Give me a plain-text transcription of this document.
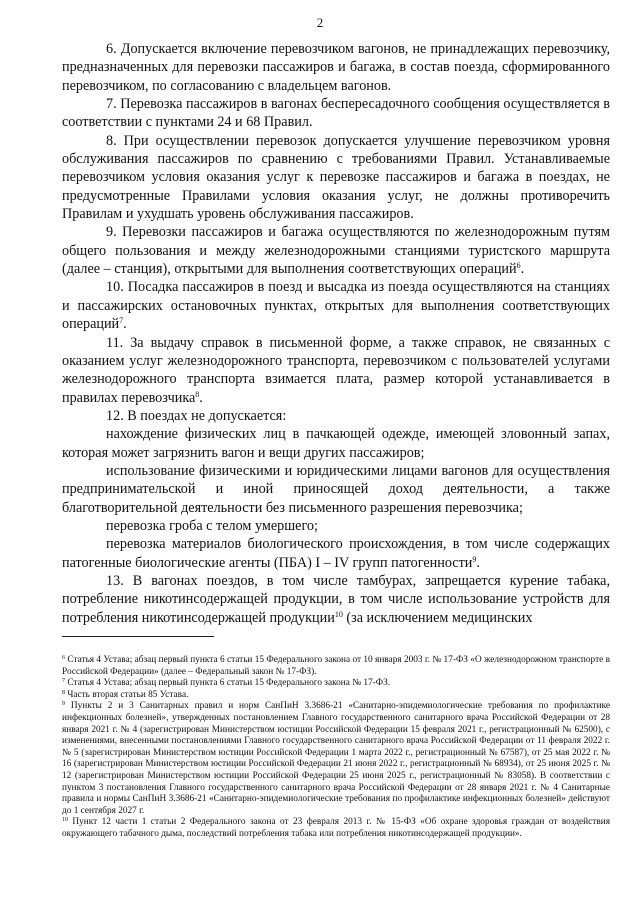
2

6. Допускается включение перевозчиком вагонов, не принадлежащих перевозчику, предназначенных для перевозки пассажиров и багажа, в состав поезда, сформированного перевозчиком, по согласованию с владельцем вагонов.

7. Перевозка пассажиров в вагонах беспересадочного сообщения осуществляется в соответствии с пунктами 24 и 68 Правил.

8. При осуществлении перевозок допускается улучшение перевозчиком уровня обслуживания пассажиров по сравнению с требованиями Правил. Устанавливаемые перевозчиком условия оказания услуг к перевозке пассажиров и багажа в поездах, не предусмотренные Правилами условия оказания услуг, не должны противоречить Правилам и ухудшать уровень обслуживания пассажиров.

9. Перевозки пассажиров и багажа осуществляются по железнодорожным путям общего пользования и между железнодорожными станциями туристского маршрута (далее – станция), открытыми для выполнения соответствующих операций$^6$.

10. Посадка пассажиров в поезд и высадка из поезда осуществляются на станциях и пассажирских остановочных пунктах, открытых для выполнения соответствующих операций$^7$.

11. За выдачу справок в письменной форме, а также справок, не связанных с оказанием услуг железнодорожного транспорта, перевозчиком с пользователей услугами железнодорожного транспорта взимается плата, размер которой устанавливается в правилах перевозчика$^8$.

12. В поездах не допускается:

нахождение физических лиц в пачкающей одежде, имеющей зловонный запах, которая может загрязнить вагон и вещи других пассажиров;

использование физическими и юридическими лицами вагонов для осуществления предпринимательской и иной приносящей доход деятельности, а также благотворительной деятельности без письменного разрешения перевозчика;

перевозка гроба с телом умершего;

перевозка материалов биологического происхождения, в том числе содержащих патогенные биологические агенты (ПБА) I – IV групп патогенности$^9$.

13. В вагонах поездов, в том числе тамбурах, запрещается курение табака, потребление никотинсодержащей продукции, в том числе использование устройств для потребления никотинсодержащей продукции$^{10}$ (за исключением медицинских

$^6$ Статья 4 Устава; абзац первый пункта 6 статьи 15 Федерального закона от 10 января 2003 г. № 17-ФЗ «О железнодорожном транспорте в Российской Федерации» (далее – Федеральный закон № 17-ФЗ).

$^7$ Статья 4 Устава; абзац первый пункта 6 статьи 15 Федерального закона № 17-ФЗ.

$^8$ Часть вторая статьи 85 Устава.

$^9$ Пункты 2 и 3 Санитарных правил и норм СанПиН 3.3686-21 «Санитарно-эпидемиологические требования по профилактике инфекционных болезней», утвержденных постановлением Главного государственного санитарного врача Российской Федерации от 28 января 2021 г. № 4 (зарегистрирован Министерством юстиции Российской Федерации 15 февраля 2021 г., регистрационный № 62500), с изменениями, внесенными постановлениями Главного государственного санитарного врача Российской Федерации от 11 февраля 2022 г. № 5 (зарегистрирован Министерством юстиции Российской Федерации 1 марта 2022 г., регистрационный № 67587), от 25 мая 2022 г. № 16 (зарегистрирован Министерством юстиции Российской Федерации 21 июня 2022 г., регистрационный № 68934), от 25 июня 2025 г. № 12 (зарегистрирован Министерством юстиции Российской Федерации 25 июня 2025 г., регистрационный № 83058). В соответствии с пунктом 3 постановления Главного государственного санитарного врача Российской Федерации от 28 января 2021 г. № 4 Санитарные правила и нормы СанПиН 3.3686-21 «Санитарно-эпидемиологические требования по профилактике инфекционных болезней» действуют до 1 сентября 2027 г.

$^{10}$ Пункт 12 части 1 статьи 2 Федерального закона от 23 февраля 2013 г. № 15-ФЗ «Об охране здоровья граждан от воздействия окружающего табачного дыма, последствий потребления табака или потребления никотинсодержащей продукции».
